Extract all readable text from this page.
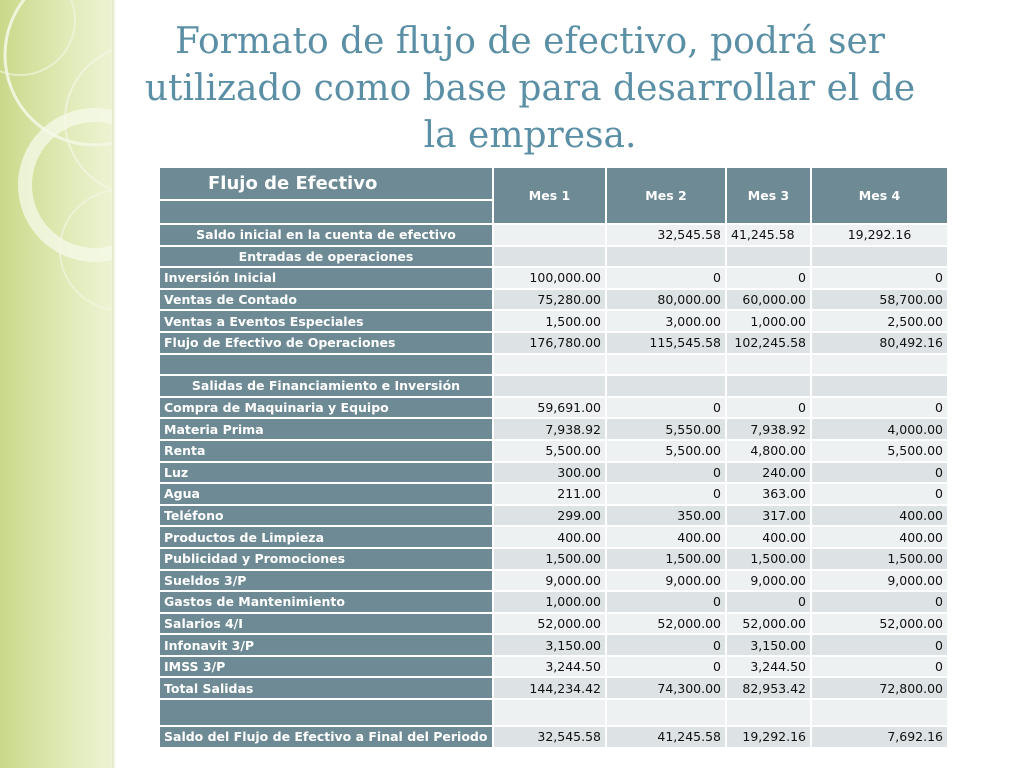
Formato de flujo de efectivo, podrá ser utilizado como base para desarrollar el de la empresa.
Flujo de Efectivo	Mes 1	Mes 2	Mes 3	Mes 4

Saldo inicial en la cuenta de efectivo		32,545.58	41,245.58	19,292.16
Entradas de operaciones				
Inversión Inicial	100,000.00	0	0	0
Ventas de Contado	75,280.00	80,000.00	60,000.00	58,700.00
Ventas a Eventos Especiales	1,500.00	3,000.00	1,000.00	2,500.00
Flujo de Efectivo de Operaciones	176,780.00	115,545.58	102,245.58	80,492.16

Salidas de Financiamiento e Inversión				
Compra de Maquinaria y Equipo	59,691.00	0	0	0
Materia Prima	7,938.92	5,550.00	7,938.92	4,000.00
Renta	5,500.00	5,500.00	4,800.00	5,500.00
Luz	300.00	0	240.00	0
Agua	211.00	0	363.00	0
Teléfono	299.00	350.00	317.00	400.00
Productos de Limpieza	400.00	400.00	400.00	400.00
Publicidad y Promociones	1,500.00	1,500.00	1,500.00	1,500.00
Sueldos 3/P	9,000.00	9,000.00	9,000.00	9,000.00
Gastos de Mantenimiento	1,000.00	0	0	0
Salarios 4/I	52,000.00	52,000.00	52,000.00	52,000.00
Infonavit 3/P	3,150.00	0	3,150.00	0
IMSS 3/P	3,244.50	0	3,244.50	0
Total Salidas	144,234.42	74,300.00	82,953.42	72,800.00

Saldo del Flujo de Efectivo a Final del Periodo	32,545.58	41,245.58	19,292.16	7,692.16
